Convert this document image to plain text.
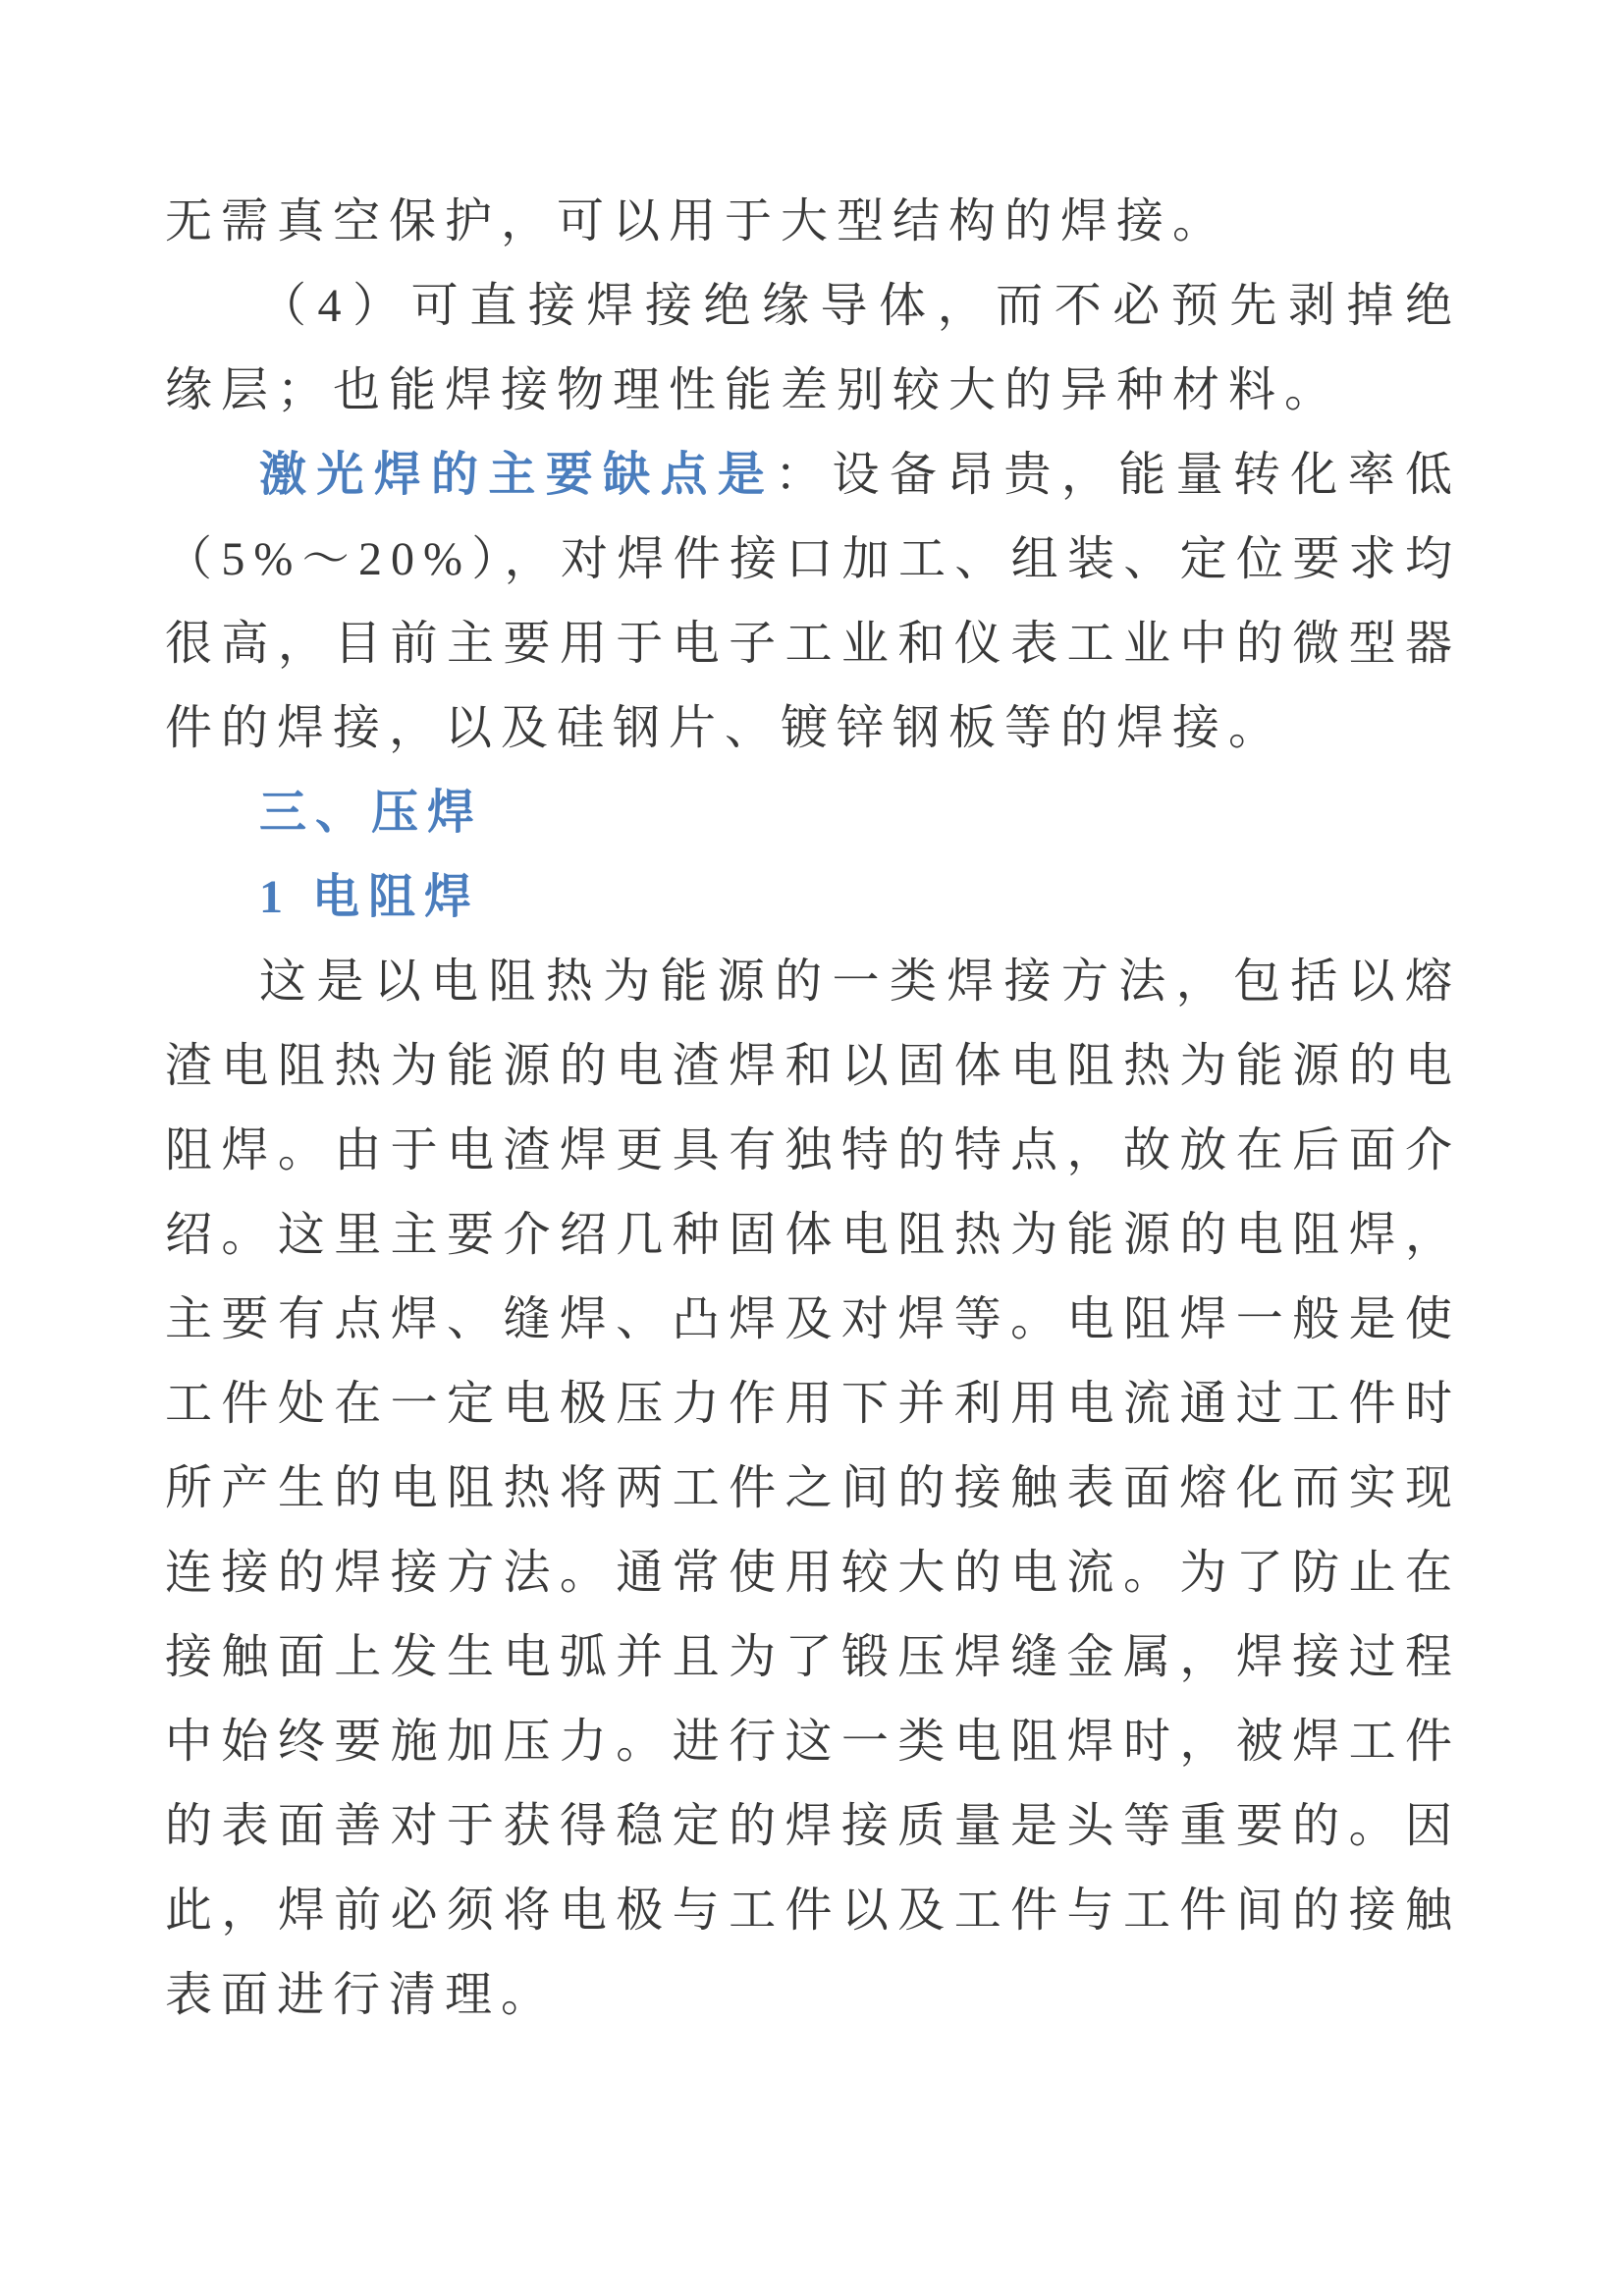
无需真空保护，可以用于大型结构的焊接。

（4）可直接焊接绝缘导体，而不必预先剥掉绝缘层；也能焊接物理性能差别较大的异种材料。

激光焊的主要缺点是：设备昂贵，能量转化率低（5%～20%），对焊件接口加工、组装、定位要求均很高，目前主要用于电子工业和仪表工业中的微型器件的焊接，以及硅钢片、镀锌钢板等的焊接。

三、压焊

1 电阻焊

这是以电阻热为能源的一类焊接方法，包括以熔渣电阻热为能源的电渣焊和以固体电阻热为能源的电阻焊。由于电渣焊更具有独特的特点，故放在后面介绍。这里主要介绍几种固体电阻热为能源的电阻焊，主要有点焊、缝焊、凸焊及对焊等。电阻焊一般是使工件处在一定电极压力作用下并利用电流通过工件时所产生的电阻热将两工件之间的接触表面熔化而实现连接的焊接方法。通常使用较大的电流。为了防止在接触面上发生电弧并且为了锻压焊缝金属，焊接过程中始终要施加压力。进行这一类电阻焊时，被焊工件的表面善对于获得稳定的焊接质量是头等重要的。因此，焊前必须将电极与工件以及工件与工件间的接触表面进行清理。
